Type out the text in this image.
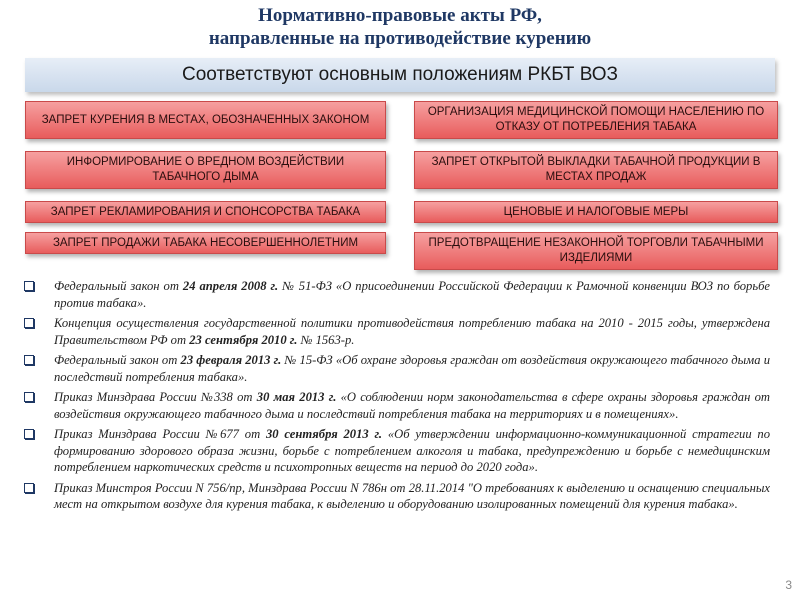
Нормативно-правовые акты РФ,
направленные на противодействие курению
Соответствуют основным положениям РКБТ ВОЗ
ЗАПРЕТ КУРЕНИЯ В МЕСТАХ, ОБОЗНАЧЕННЫХ ЗАКОНОМ
ИНФОРМИРОВАНИЕ О ВРЕДНОМ ВОЗДЕЙСТВИИ ТАБАЧНОГО ДЫМА
ЗАПРЕТ РЕКЛАМИРОВАНИЯ И СПОНСОРСТВА ТАБАКА
ЗАПРЕТ ПРОДАЖИ ТАБАКА НЕСОВЕРШЕННОЛЕТНИМ
ОРГАНИЗАЦИЯ МЕДИЦИНСКОЙ ПОМОЩИ НАСЕЛЕНИЮ ПО ОТКАЗУ ОТ ПОТРЕБЛЕНИЯ ТАБАКА
ЗАПРЕТ ОТКРЫТОЙ ВЫКЛАДКИ ТАБАЧНОЙ ПРОДУКЦИИ В МЕСТАХ ПРОДАЖ
ЦЕНОВЫЕ И НАЛОГОВЫЕ МЕРЫ
ПРЕДОТВРАЩЕНИЕ НЕЗАКОННОЙ ТОРГОВЛИ ТАБАЧНЫМИ ИЗДЕЛИЯМИ
Федеральный закон от 24 апреля 2008 г. № 51-ФЗ «О присоединении Российской Федерации к Рамочной конвенции ВОЗ по борьбе против табака».
Концепция осуществления государственной политики противодействия потреблению табака на 2010 - 2015 годы, утверждена Правительством РФ от 23 сентября 2010 г. № 1563-р.
Федеральный закон от 23 февраля 2013 г. № 15-ФЗ «Об охране здоровья граждан от воздействия окружающего табачного дыма и последствий потребления табака».
Приказ Минздрава России №338 от 30 мая 2013 г. «О соблюдении норм законодательства в сфере охраны здоровья граждан от воздействия окружающего табачного дыма и последствий потребления табака на территориях и в помещениях».
Приказ Минздрава России №677 от 30 сентября 2013 г. «Об утверждении информационно-коммуникационной стратегии по формированию здорового образа жизни, борьбе с потреблением алкоголя и табака, предупреждению и борьбе с немедицинским потреблением наркотических средств и психотропных веществ на период до 2020 года».
Приказ Минстроя России N 756/пр, Минздрава России N 786н от 28.11.2014 "О требованиях к выделению и оснащению специальных мест на открытом воздухе для курения табака, к выделению и оборудованию изолированных помещений для курения табака».
3
